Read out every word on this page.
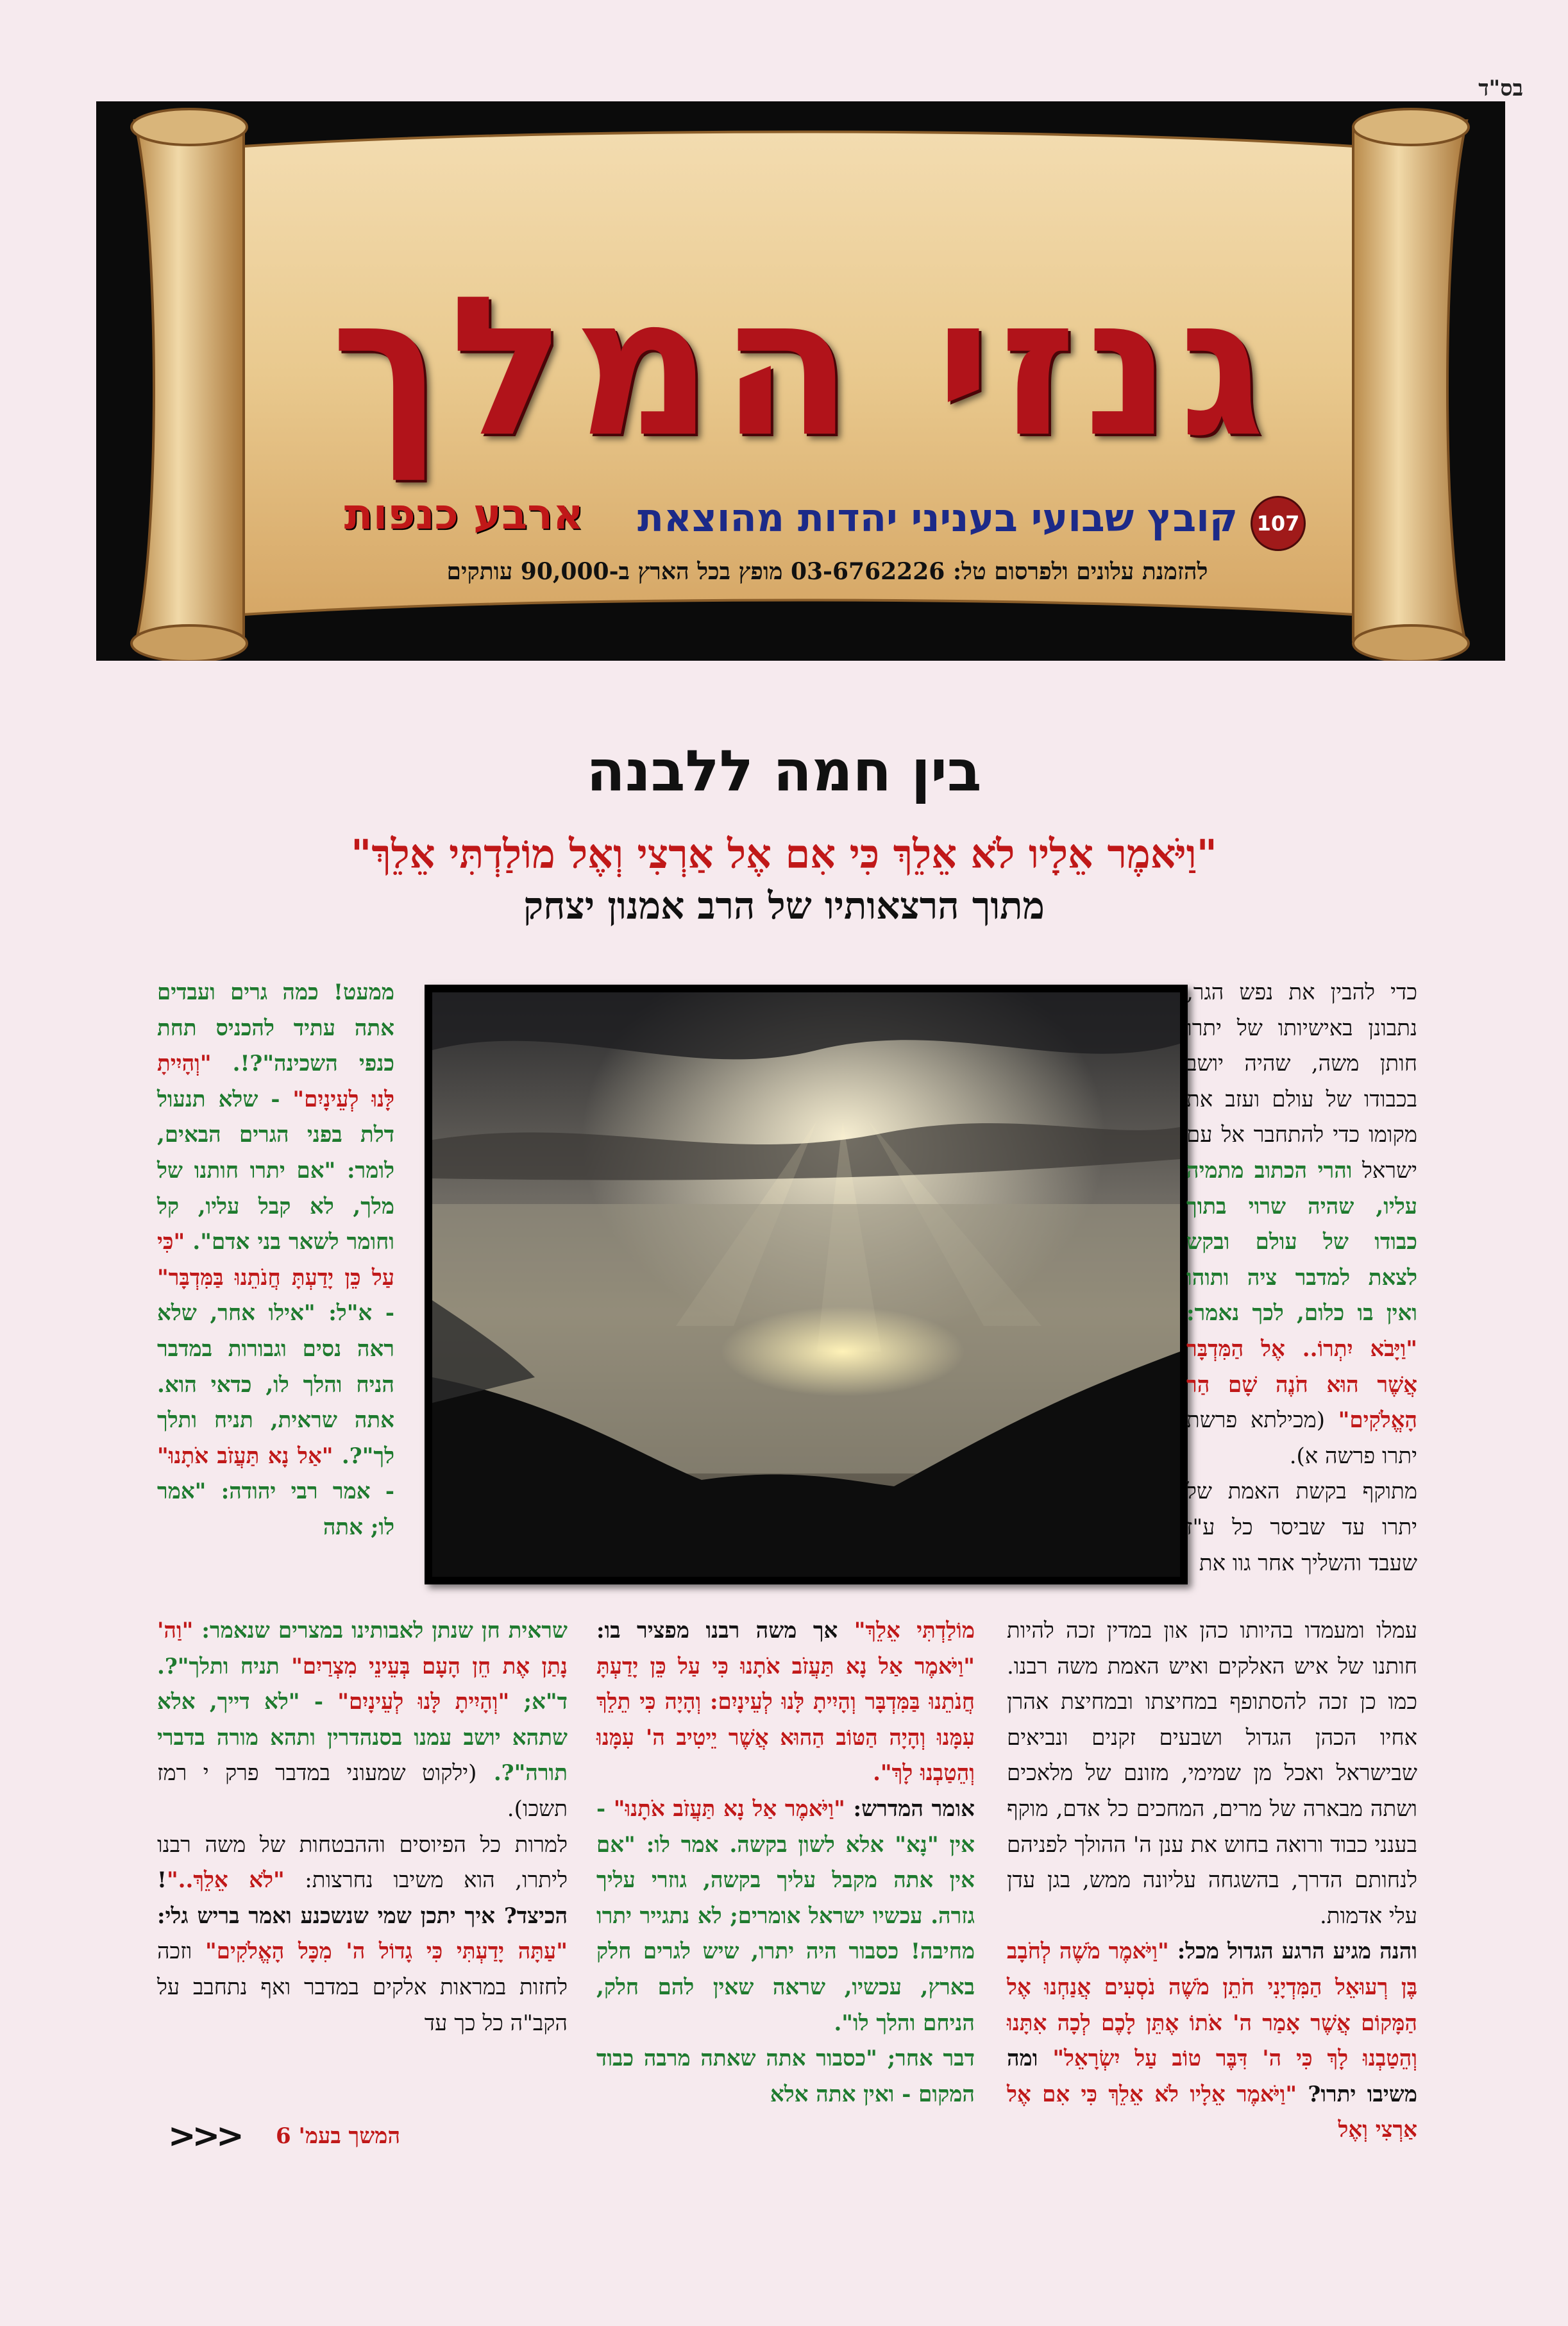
בס"ד
גנזי המלך
107
קובץ שבועי בעניני יהדות מהוצאת
ארבע כנפות
להזמנת עלונים ולפרסום טל: 03-6762226 מופץ בכל הארץ ב-90,000 עותקים
בין חמה ללבנה
"וַיֹּאמֶר אֵלָיו לֹא אֵלֵךְ כִּי אִם אֶל אַרְצִי וְאֶל מוֹלַדְתִּי אֵלֵךְ"
מתוך הרצאותיו של הרב אמנון יצחק

כדי להבין את נפש הגר, נתבונן באישיותו של יתרו חותן משה, שהיה יושב בכבודו של עולם ועזב את מקומו כדי להתחבר אל עם ישראל והרי הכתוב מתמיה עליו, שהיה שרוי בתוך כבודו של עולם ובקש לצאת למדבר ציה ותוהו ואין בו כלום, לכך נאמר: "וַיָּבֹא יִתְרוֹ.. אֶל הַמִּדְבָּר אֲשֶׁר הוּא חֹנֶה שָׁם הַר הָאֱלֹקִים" (מכילתא פרשת יתרו פרשה א).

מתוקף בקשת האמת של יתרו עד שביסר כל ע"ז שעבד והשליך אחר גוו את

עמלו ומעמדו בהיותו כהן און במדין זכה להיות חותנו של איש האלקים ואיש האמת משה רבנו. כמו כן זכה להסתופף במחיצתו ובמחיצת אהרן אחיו הכהן הגדול ושבעים זקנים ונביאים שבישראל ואכל מן שמימי, מזונם של מלאכים ושתה מבארה של מרים, המחכים כל אדם, מוקף בענני כבוד ורואה בחוש את ענן ה' ההולך לפניהם לנחותם הדרך, בהשגחה עליונה ממש, בגן עדן עלי אדמות.

והנה מגיע הרגע הגדול מכל: "וַיֹּאמֶר מֹשֶׁה לְחֹבָב בֶּן רְעוּאֵל הַמִּדְיָנִי חֹתֵן מֹשֶׁה נֹסְעִים אֲנַחְנוּ אֶל הַמָּקוֹם אֲשֶׁר אָמַר ה' אֹתוֹ אֶתֵּן לָכֶם לְכָה אִתָּנוּ וְהֵטַבְנוּ לָךְ כִּי ה' דִּבֶּר טוֹב עַל יִשְׂרָאֵל" ומה משיבו יתרו? "וַיֹּאמֶר אֵלָיו לֹא אֵלֵךְ כִּי אִם אֶל אַרְצִי וְאֶל

מוֹלַדְתִּי אֵלֵךְ" אך משה רבנו מפציר בו: "וַיֹּאמֶר אַל נָא תַּעֲזֹב אֹתָנוּ כִּי עַל כֵּן יָדַעְתָּ חֲנֹתֵנוּ בַּמִּדְבָּר וְהָיִיתָ לָּנוּ לְעֵינָיִם: וְהָיָה כִּי תֵלֵךְ עִמָּנוּ וְהָיָה הַטּוֹב הַהוּא אֲשֶׁר יֵיטִיב ה' עִמָּנוּ וְהֵטַבְנוּ לָךְ".

אומר המדרש: "וַיֹּאמֶר אַל נָא תַּעֲזֹב אֹתָנוּ" - אין "נָא" אלא לשון בקשה. אמר לו: "אם אין אתה מקבל עליך בקשה, גוזרי עליך גזרה. עכשיו ישראל אומרים; לא נתגייר יתרו מחיבה! כסבור היה יתרו, שיש לגרים חלק בארץ, עכשיו, שראה שאין להם חלק, הניחם והלך לו".

דבר אחר; "כסבור אתה שאתה מרבה כבוד המקום - ואין אתה אלא

ממעט! כמה גרים ועבדים אתה עתיד להכניס תחת כנפי השכינה"?!. "וְהָיִיתָ לָּנוּ לְעֵינָיִם" - שלא תנעול דלת בפני הגרים הבאים, לומר: "אם יתרו חותנו של מלך, לא קבל עליו, קל וחומר לשאר בני אדם". "כִּי עַל כֵּן יָדַעְתָּ חֲנֹתֵנוּ בַּמִּדְבָּר" - א"ל: "אילו אחר, שלא ראה נסים וגבורות במדבר הניח והלך לו, כדאי הוא. אתה שראית, תניח ותלך לך"?. "אַל נָא תַּעֲזֹב אֹתָנוּ" - אמר רבי יהודה: "אמר לו; אתה

שראית חן שנתן לאבותינו במצרים שנאמר: "וַה' נָתַן אֶת חֵן הָעָם בְּעֵינֵי מִצְרַיִם" תניח ותלך"?. ד"א; "וְהָיִיתָ לָּנוּ לְעֵינָיִם" - "לא דייך, אלא שתהא יושב עמנו בסנהדרין ותהא מורה בדברי תורה"?. (ילקוט שמעוני במדבר פרק י רמז תשכו).

למרות כל הפיוסים וההבטחות של משה רבנו ליתרו, הוא משיבו נחרצות: "לֹא אֵלֵךְ.."! הכיצד? איך יתכן שמי שנשכנע ואמר בריש גלי: "עַתָּה יָדַעְתִּי כִּי גָדוֹל ה' מִכָּל הָאֱלֹקִים" וזכה לחזות במראות אלקים במדבר ואף נתחבב על הקב"ה כל כך עד

המשך בעמ' 6
<<<
